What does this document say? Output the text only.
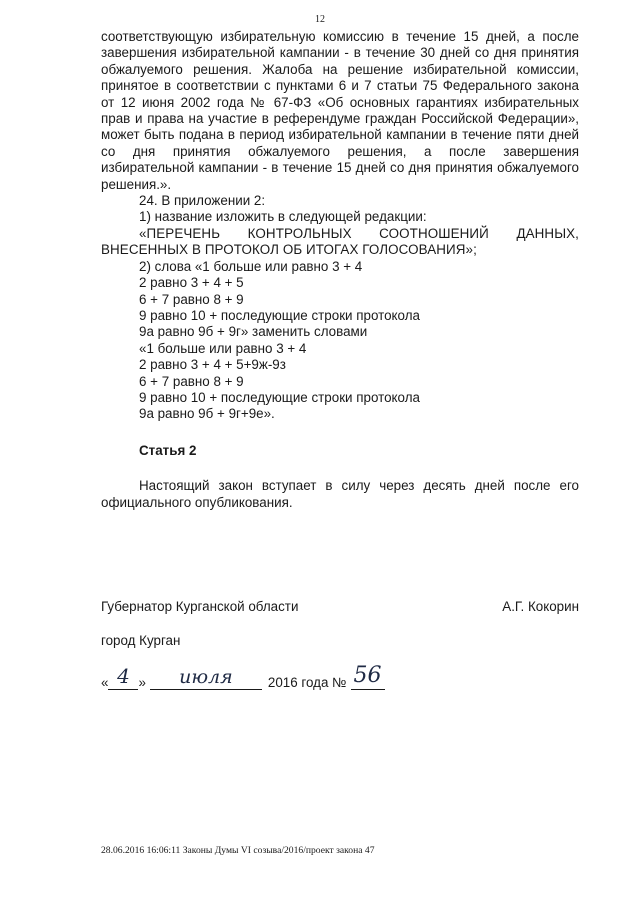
12

соответствующую избирательную комиссию в течение 15 дней, а после завершения избирательной кампании - в течение 30 дней со дня принятия обжалуемого решения. Жалоба на решение избирательной комиссии, принятое в соответствии с пунктами 6 и 7 статьи 75 Федерального закона от 12 июня 2002 года № 67-ФЗ «Об основных гарантиях избирательных прав и права на участие в референдуме граждан Российской Федерации», может быть подана в период избирательной кампании в течение пяти дней со дня принятия обжалуемого решения, а после завершения избирательной кампании - в течение 15 дней со дня принятия обжалуемого решения.».

24. В приложении 2:

1) название изложить в следующей редакции:

«ПЕРЕЧЕНЬ КОНТРОЛЬНЫХ СООТНОШЕНИЙ ДАННЫХ,

ВНЕСЕННЫХ В ПРОТОКОЛ ОБ ИТОГАХ ГОЛОСОВАНИЯ»;

2) слова «1 больше или равно 3 + 4

2 равно 3 + 4 + 5

6 + 7 равно 8 + 9

9 равно 10 + последующие строки протокола

9а равно 9б + 9г» заменить словами

«1 больше или равно 3 + 4

2 равно 3 + 4 + 5+9ж-9з

6 + 7 равно 8 + 9

9 равно 10 + последующие строки протокола

9а равно 9б + 9г+9е».

Статья 2

Настоящий закон вступает в силу через десять дней после его официального опубликования.

Губернатор Курганской области	А.Г. Кокорин
город Курган
« 4 »	июля	2016 года № 56
28.06.2016 16:06:11 Законы Думы VI созыва/2016/проект закона 47
